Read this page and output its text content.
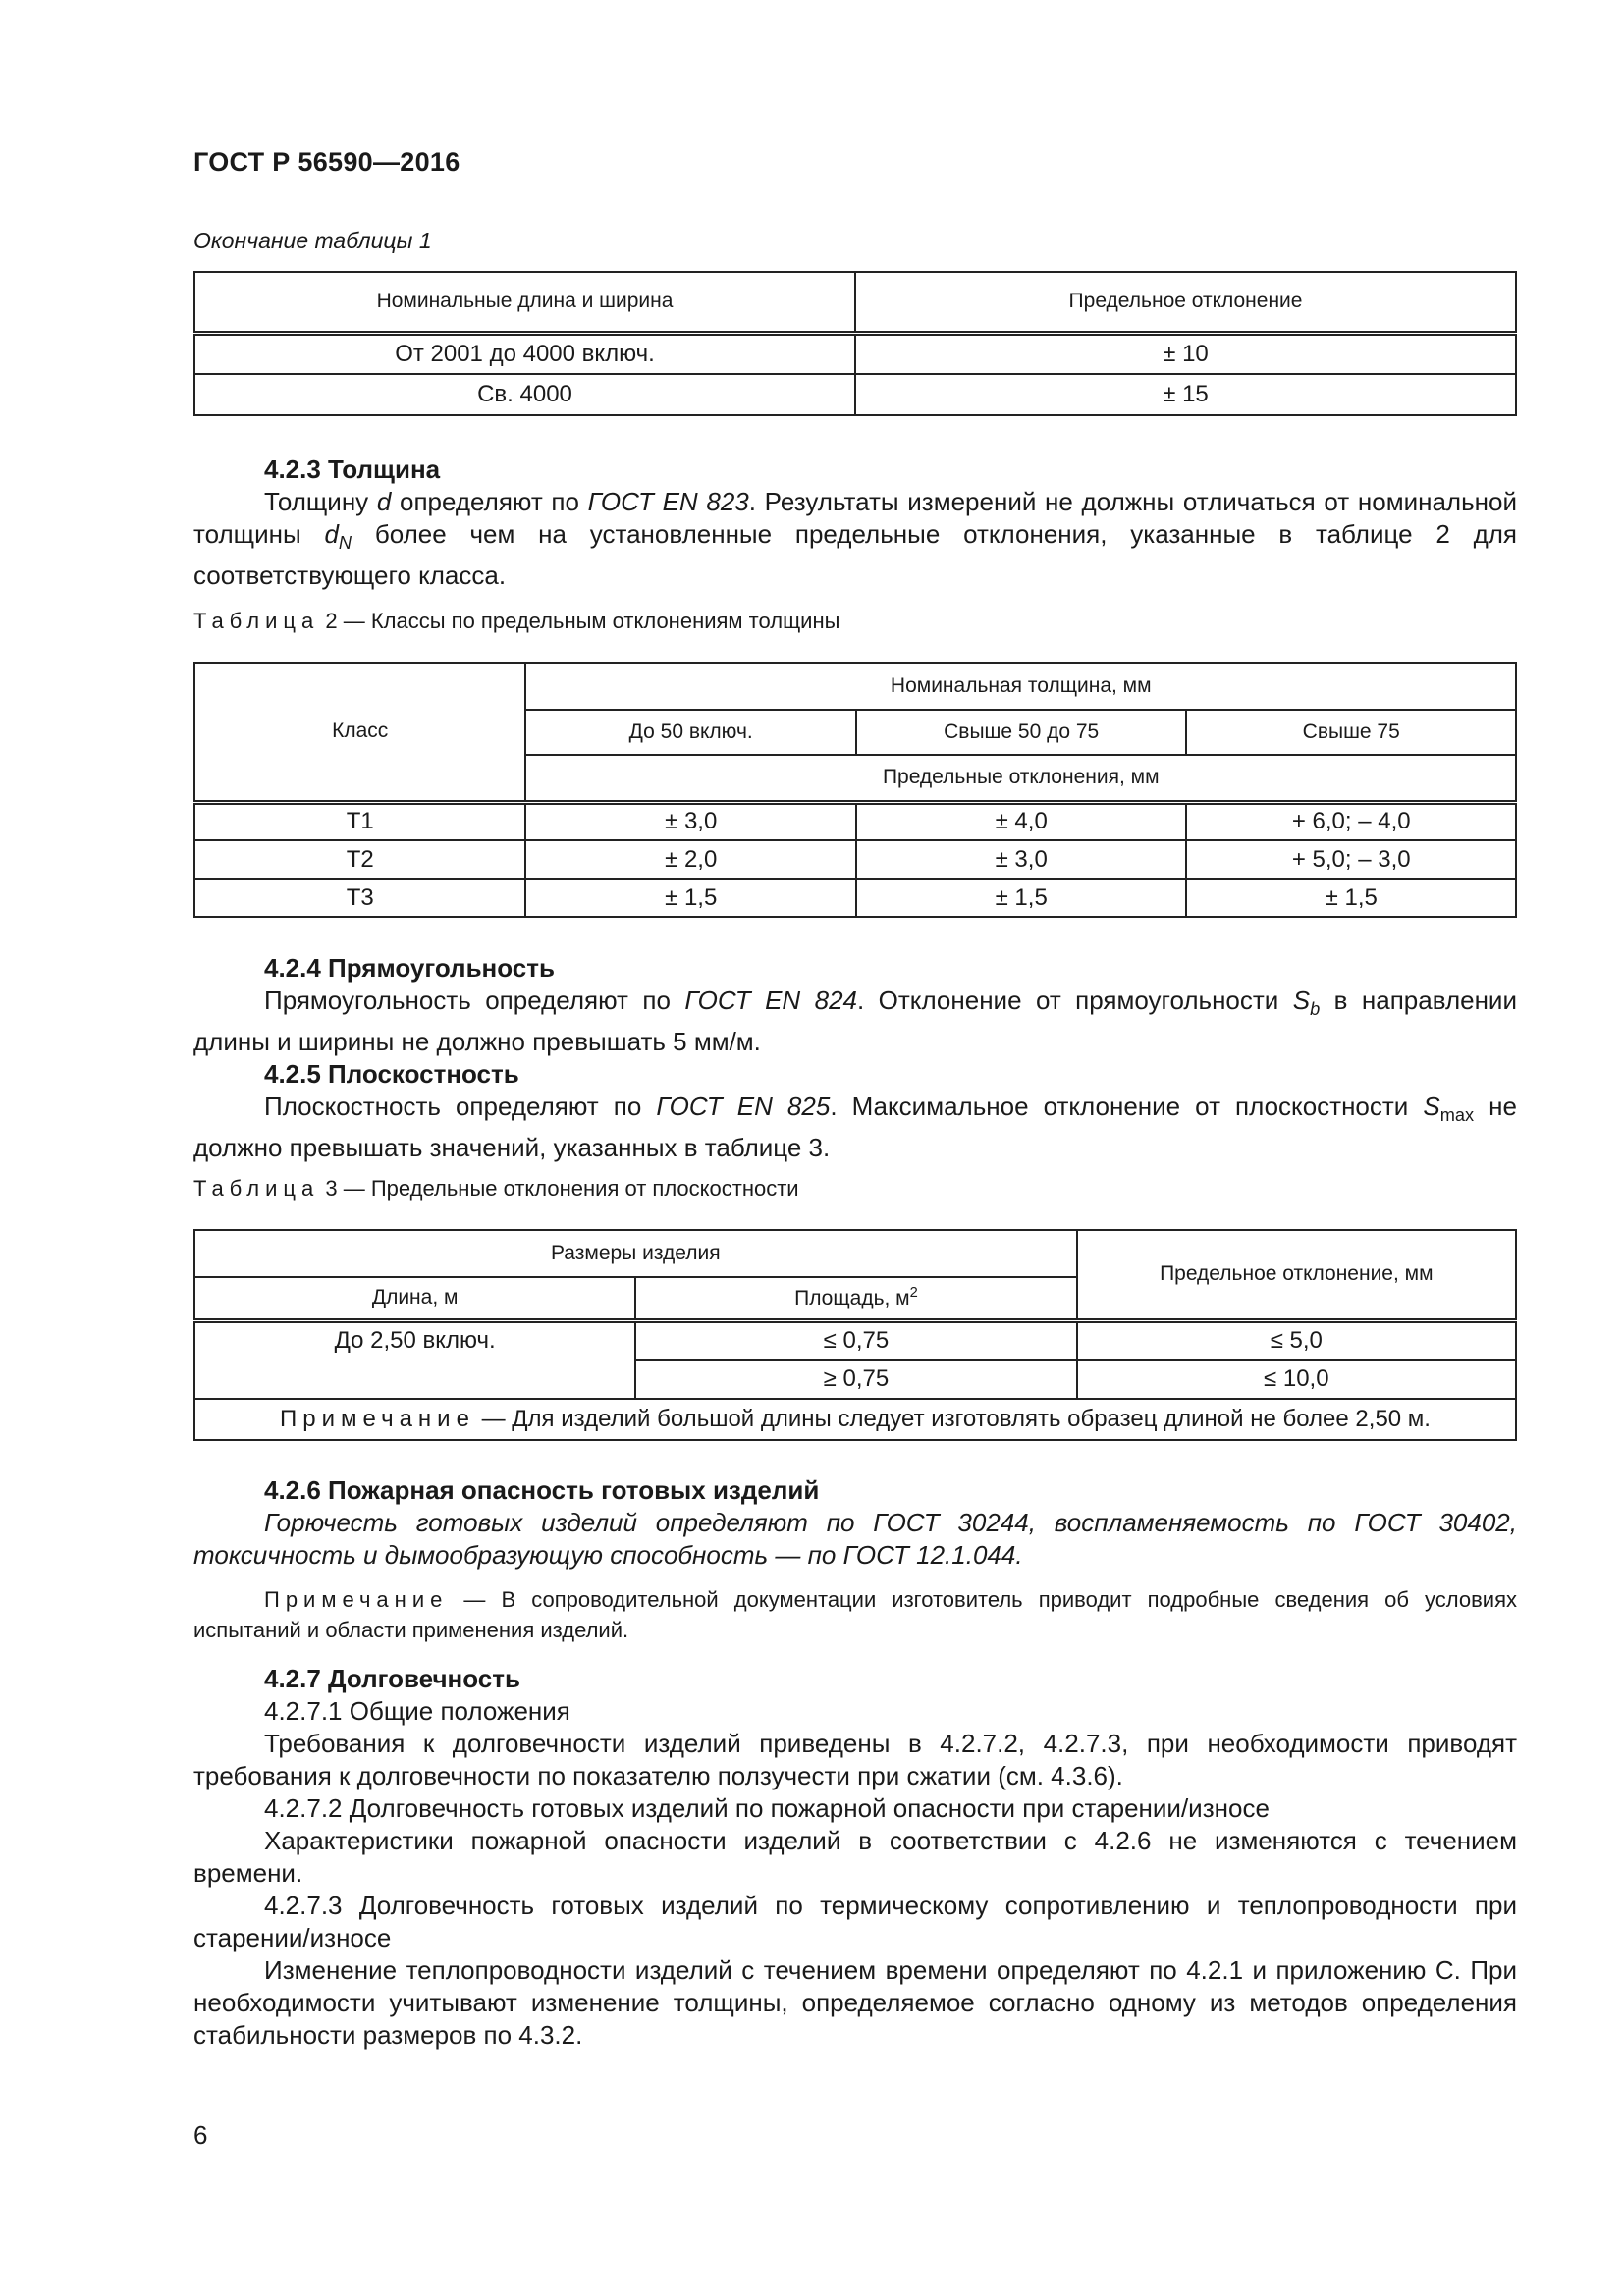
ГОСТ Р 56590—2016
Окончание таблицы 1
Номинальные длина и ширина	Предельное отклонение
От 2001 до 4000 включ.	± 10
Св. 4000	± 15
4.2.3 Толщина
Толщину d определяют по ГОСТ EN 823. Результаты измерений не должны отличаться от номинальной толщины $d_N$ более чем на установленные предельные отклонения, указанные в таблице 2 для соответствующего класса.
Таблица 2 — Классы по предельным отклонениям толщины
Класс	Номинальная толщина, мм		
	До 50 включ.	Свыше 50 до 75	Свыше 75
	Предельные отклонения, мм		
T1	± 3,0	± 4,0	+ 6,0; – 4,0
T2	± 2,0	± 3,0	+ 5,0; – 3,0
T3	± 1,5	± 1,5	± 1,5
4.2.4 Прямоугольность
Прямоугольность определяют по ГОСТ EN 824. Отклонение от прямоугольности $S_b$ в направлении длины и ширины не должно превышать 5 мм/м.
4.2.5 Плоскостность
Плоскостность определяют по ГОСТ EN 825. Максимальное отклонение от плоскостности $S_{max}$ не должно превышать значений, указанных в таблице 3.
Таблица 3 — Предельные отклонения от плоскостности
Размеры изделия		Предельное отклонение, мм
Длина, м	Площадь, $м^2$
До 2,50 включ.	≤ 0,75	≤ 5,0
	≥ 0,75	≤ 10,0
Примечание — Для изделий большой длины следует изготовлять образец длиной не более 2,50 м.		
4.2.6 Пожарная опасность готовых изделий
Горючесть готовых изделий определяют по ГОСТ 30244, воспламеняемость по ГОСТ 30402, токсичность и дымообразующую способность — по ГОСТ 12.1.044.
Примечание — В сопроводительной документации изготовитель приводит подробные сведения об условиях испытаний и области применения изделий.
4.2.7 Долговечность
4.2.7.1 Общие положения
Требования к долговечности изделий приведены в 4.2.7.2, 4.2.7.3, при необходимости приводят требования к долговечности по показателю ползучести при сжатии (см. 4.3.6).
4.2.7.2 Долговечность готовых изделий по пожарной опасности при старении/износе
Характеристики пожарной опасности изделий в соответствии с 4.2.6 не изменяются с течением времени.
4.2.7.3 Долговечность готовых изделий по термическому сопротивлению и теплопроводности при старении/износе
Изменение теплопроводности изделий с течением времени определяют по 4.2.1 и приложению С. При необходимости учитывают изменение толщины, определяемое согласно одному из методов определения стабильности размеров по 4.3.2.
6
